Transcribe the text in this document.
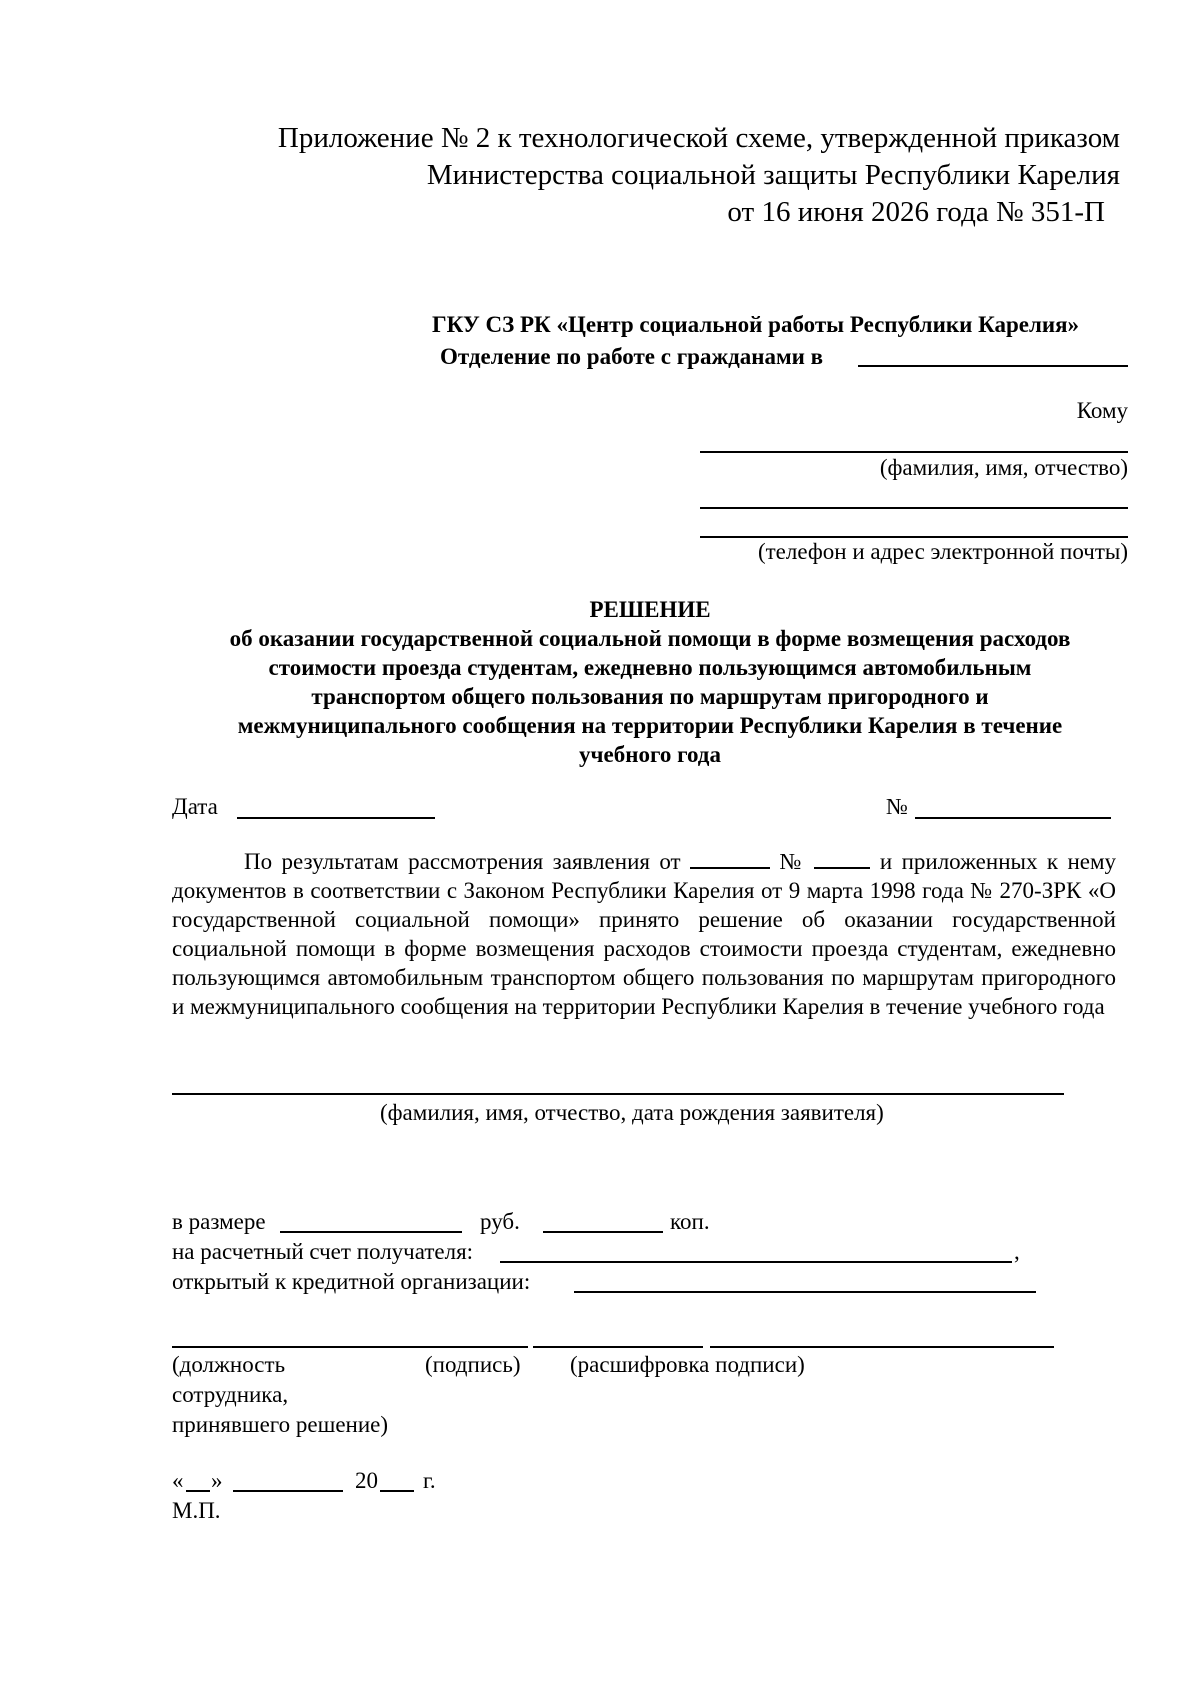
Приложение № 2 к технологической схеме, утвержденной приказом
Министерства социальной защиты Республики Карелия
от 16 июня 2026 года № 351-П
ГКУ СЗ РК «Центр социальной работы Республики Карелия»
Отделение по работе с гражданами в
Кому
(фамилия, имя, отчество)
(телефон и адрес электронной почты)
РЕШЕНИЕ
об оказании государственной социальной помощи в форме возмещения расходов
стоимости проезда студентам, ежедневно пользующимся автомобильным
транспортом общего пользования по маршрутам пригородного и
межмуниципального сообщения на территории Республики Карелия в течение
учебного года
Дата	№
По результатам рассмотрения заявления от	№	и приложенных к нему документов в соответствии с Законом Республики Карелия от 9 марта 1998 года № 270-ЗРК «О государственной социальной помощи» принято решение об оказании государственной социальной помощи в форме возмещения расходов стоимости проезда студентам, ежедневно пользующимся автомобильным транспортом общего пользования по маршрутам пригородного и межмуниципального сообщения на территории Республики Карелия в течение учебного года
(фамилия, имя, отчество, дата рождения заявителя)
в размере	руб.	коп.
на расчетный счет получателя:	,
открытый к кредитной организации:
(должность
сотрудника,
принявшего решение)
(подпись) (расшифровка подписи)
« »	20 г.
М.П.
